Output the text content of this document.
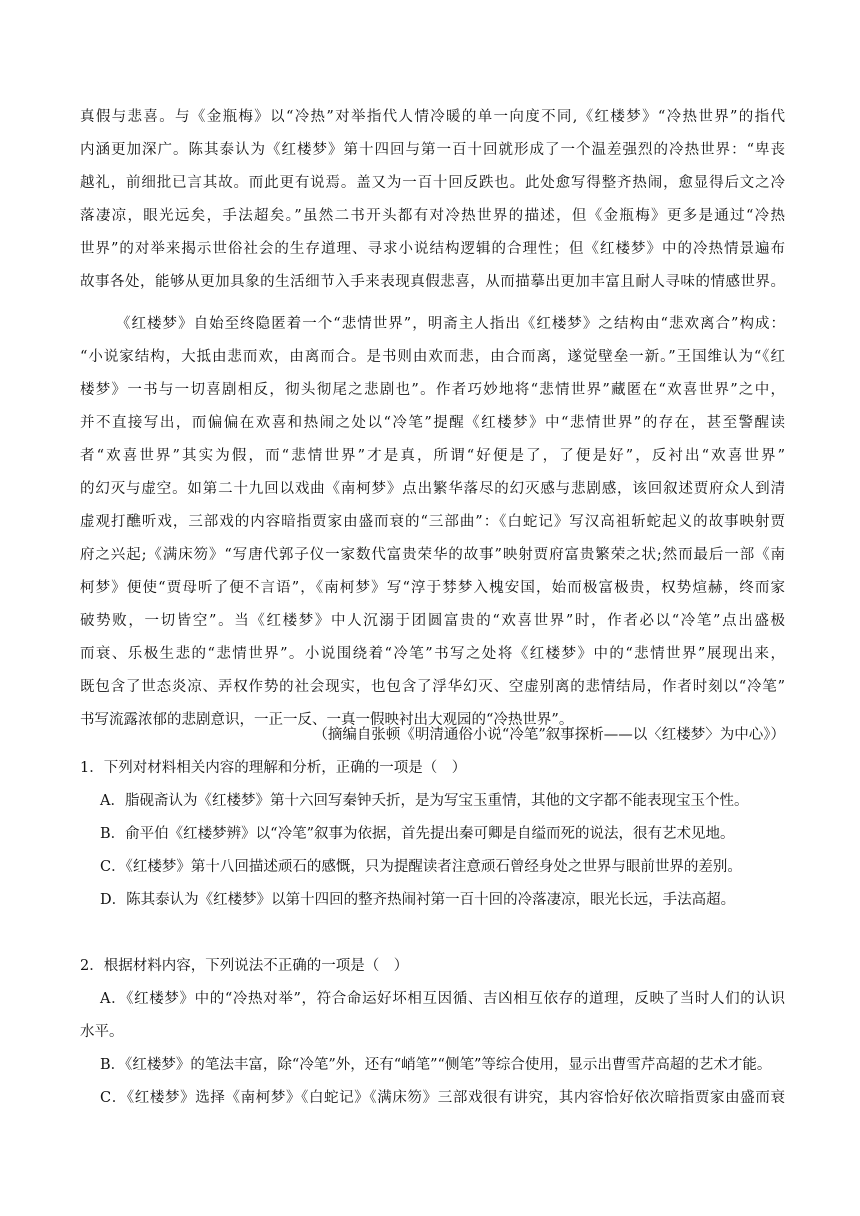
真假与悲喜。与《金瓶梅》以“冷热”对举指代人情冷暖的单一向度不同,《红楼梦》“冷热世界”的指代
内涵更加深广。陈其泰认为《红楼梦》第十四回与第一百十回就形成了一个温差强烈的冷热世界：“卑丧
越礼，前细批已言其故。而此更有说焉。盖又为一百十回反跌也。此处愈写得整齐热闹，愈显得后文之冷
落凄凉，眼光远矣，手法超矣。”虽然二书开头都有对冷热世界的描述，但《金瓶梅》更多是通过“冷热
世界”的对举来揭示世俗社会的生存道理、寻求小说结构逻辑的合理性；但《红楼梦》中的冷热情景遍布
故事各处，能够从更加具象的生活细节入手来表现真假悲喜，从而描摹出更加丰富且耐人寻味的情感世界。
《红楼梦》自始至终隐匿着一个“悲情世界”，明斋主人指出《红楼梦》之结构由“悲欢离合”构成：
“小说家结构，大抵由悲而欢，由离而合。是书则由欢而悲，由合而离，遂觉壁垒一新。”王国维认为“《红
楼梦》一书与一切喜剧相反，彻头彻尾之悲剧也”。作者巧妙地将“悲情世界”藏匿在“欢喜世界”之中，
并不直接写出，而偏偏在欢喜和热闹之处以“冷笔”提醒《红楼梦》中“悲情世界”的存在，甚至警醒读
者“欢喜世界”其实为假，而“悲情世界”才是真，所谓“好便是了，了便是好”，反衬出“欢喜世界”
的幻灭与虚空。如第二十九回以戏曲《南柯梦》点出繁华落尽的幻灭感与悲剧感，该回叙述贾府众人到清
虚观打醮听戏，三部戏的内容暗指贾家由盛而衰的“三部曲”：《白蛇记》写汉高祖斩蛇起义的故事映射贾
府之兴起;《满床笏》“写唐代郭子仪一家数代富贵荣华的故事”映射贾府富贵繁荣之状;然而最后一部《南
柯梦》便使“贾母听了便不言语”，《南柯梦》写“淳于棼梦入槐安国，始而极富极贵，权势煊赫，终而家
破势败，一切皆空”。当《红楼梦》中人沉溺于团圆富贵的“欢喜世界”时，作者必以“冷笔”点出盛极
而衰、乐极生悲的“悲情世界”。小说围绕着“冷笔”书写之处将《红楼梦》中的“悲情世界”展现出来，
既包含了世态炎凉、弄权作势的社会现实，也包含了浮华幻灭、空虚别离的悲情结局，作者时刻以“冷笔”
书写流露浓郁的悲剧意识，一正一反、一真一假映衬出大观园的“冷热世界”。
（摘编自张顿《明清通俗小说“冷笔”叙事探析——以〈红楼梦〉为中心》）
1．下列对材料相关内容的理解和分析，正确的一项是（　）
A．脂砚斋认为《红楼梦》第十六回写秦钟夭折，是为写宝玉重情，其他的文字都不能表现宝玉个性。
B．俞平伯《红楼梦辨》以“冷笔”叙事为依据，首先提出秦可卿是自缢而死的说法，很有艺术见地。
C．《红楼梦》第十八回描述顽石的感慨，只为提醒读者注意顽石曾经身处之世界与眼前世界的差别。
D．陈其泰认为《红楼梦》以第十四回的整齐热闹衬第一百十回的冷落凄凉，眼光长远，手法高超。
2．根据材料内容，下列说法不正确的一项是（　）
A．《红楼梦》中的“冷热对举”，符合命运好坏相互因循、吉凶相互依存的道理，反映了当时人们的认识
水平。
B．《红楼梦》的笔法丰富，除“冷笔”外，还有“峭笔”“侧笔”等综合使用，显示出曹雪芹高超的艺术才能。
C．《红楼梦》选择《南柯梦》《白蛇记》《满床笏》三部戏很有讲究，其内容恰好依次暗指贾家由盛而衰
